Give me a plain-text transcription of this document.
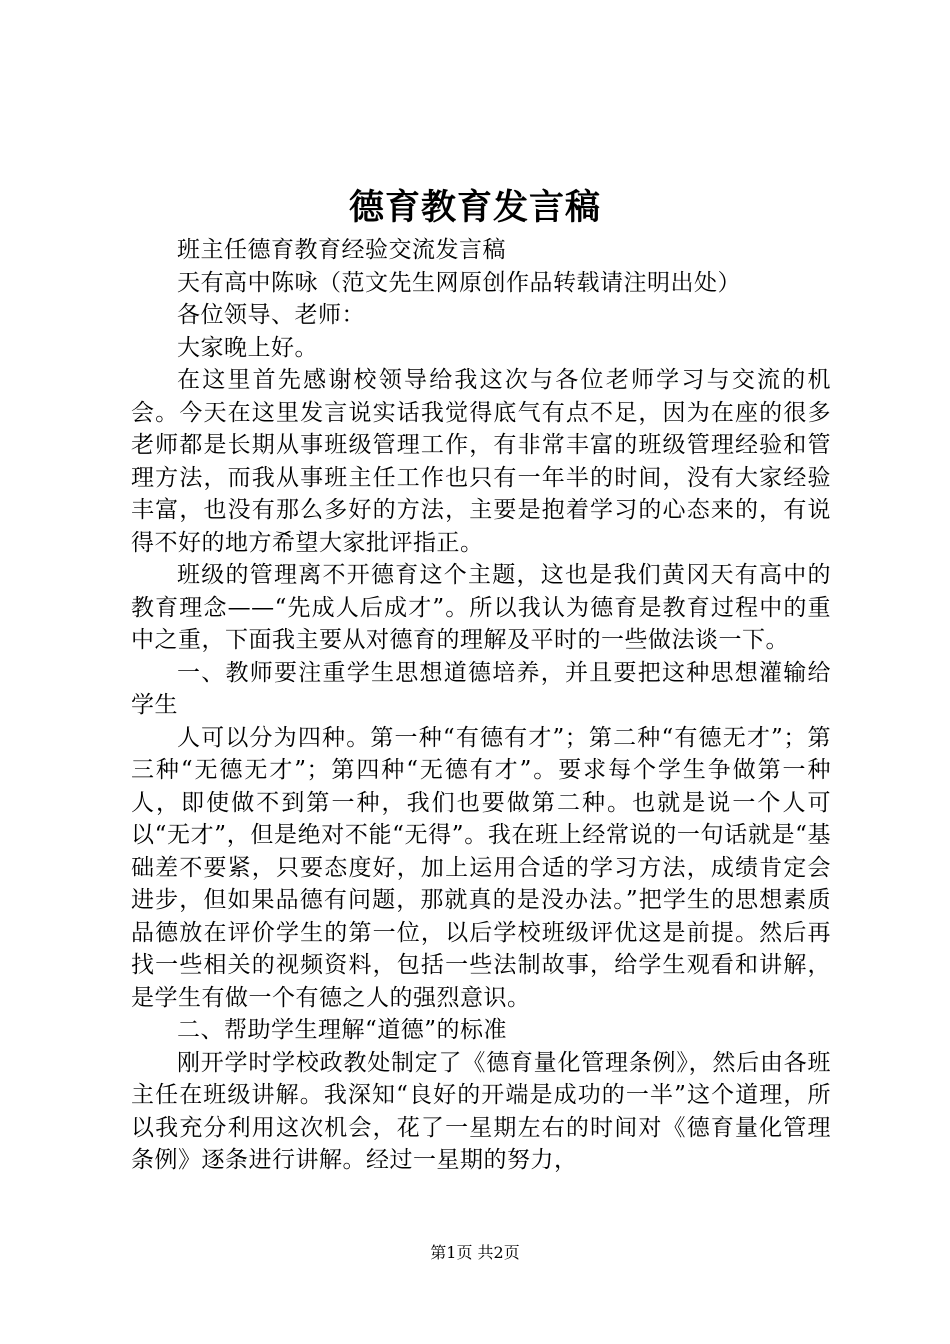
德育教育发言稿

班主任德育教育经验交流发言稿

天有高中陈咏（范文先生网原创作品转载请注明出处）

各位领导、老师：

大家晚上好。

在这里首先感谢校领导给我这次与各位老师学习与交流的机会。今天在这里发言说实话我觉得底气有点不足，因为在座的很多老师都是长期从事班级管理工作，有非常丰富的班级管理经验和管理方法，而我从事班主任工作也只有一年半的时间，没有大家经验丰富，也没有那么多好的方法，主要是抱着学习的心态来的，有说得不好的地方希望大家批评指正。

班级的管理离不开德育这个主题，这也是我们黄冈天有高中的教育理念——“先成人后成才”。所以我认为德育是教育过程中的重中之重，下面我主要从对德育的理解及平时的一些做法谈一下。

一、教师要注重学生思想道德培养，并且要把这种思想灌输给学生

人可以分为四种。第一种“有德有才”；第二种“有德无才”；第三种“无德无才”；第四种“无德有才”。要求每个学生争做第一种人，即使做不到第一种，我们也要做第二种。也就是说一个人可以“无才”，但是绝对不能“无得”。我在班上经常说的一句话就是“基础差不要紧，只要态度好，加上运用合适的学习方法，成绩肯定会进步，但如果品德有问题，那就真的是没办法。”把学生的思想素质品德放在评价学生的第一位，以后学校班级评优这是前提。然后再找一些相关的视频资料，包括一些法制故事，给学生观看和讲解，是学生有做一个有德之人的强烈意识。

二、帮助学生理解“道德”的标准

刚开学时学校政教处制定了《德育量化管理条例》，然后由各班主任在班级讲解。我深知“良好的开端是成功的一半”这个道理，所以我充分利用这次机会，花了一星期左右的时间对《德育量化管理条例》逐条进行讲解。经过一星期的努力，

第1页 共2页
